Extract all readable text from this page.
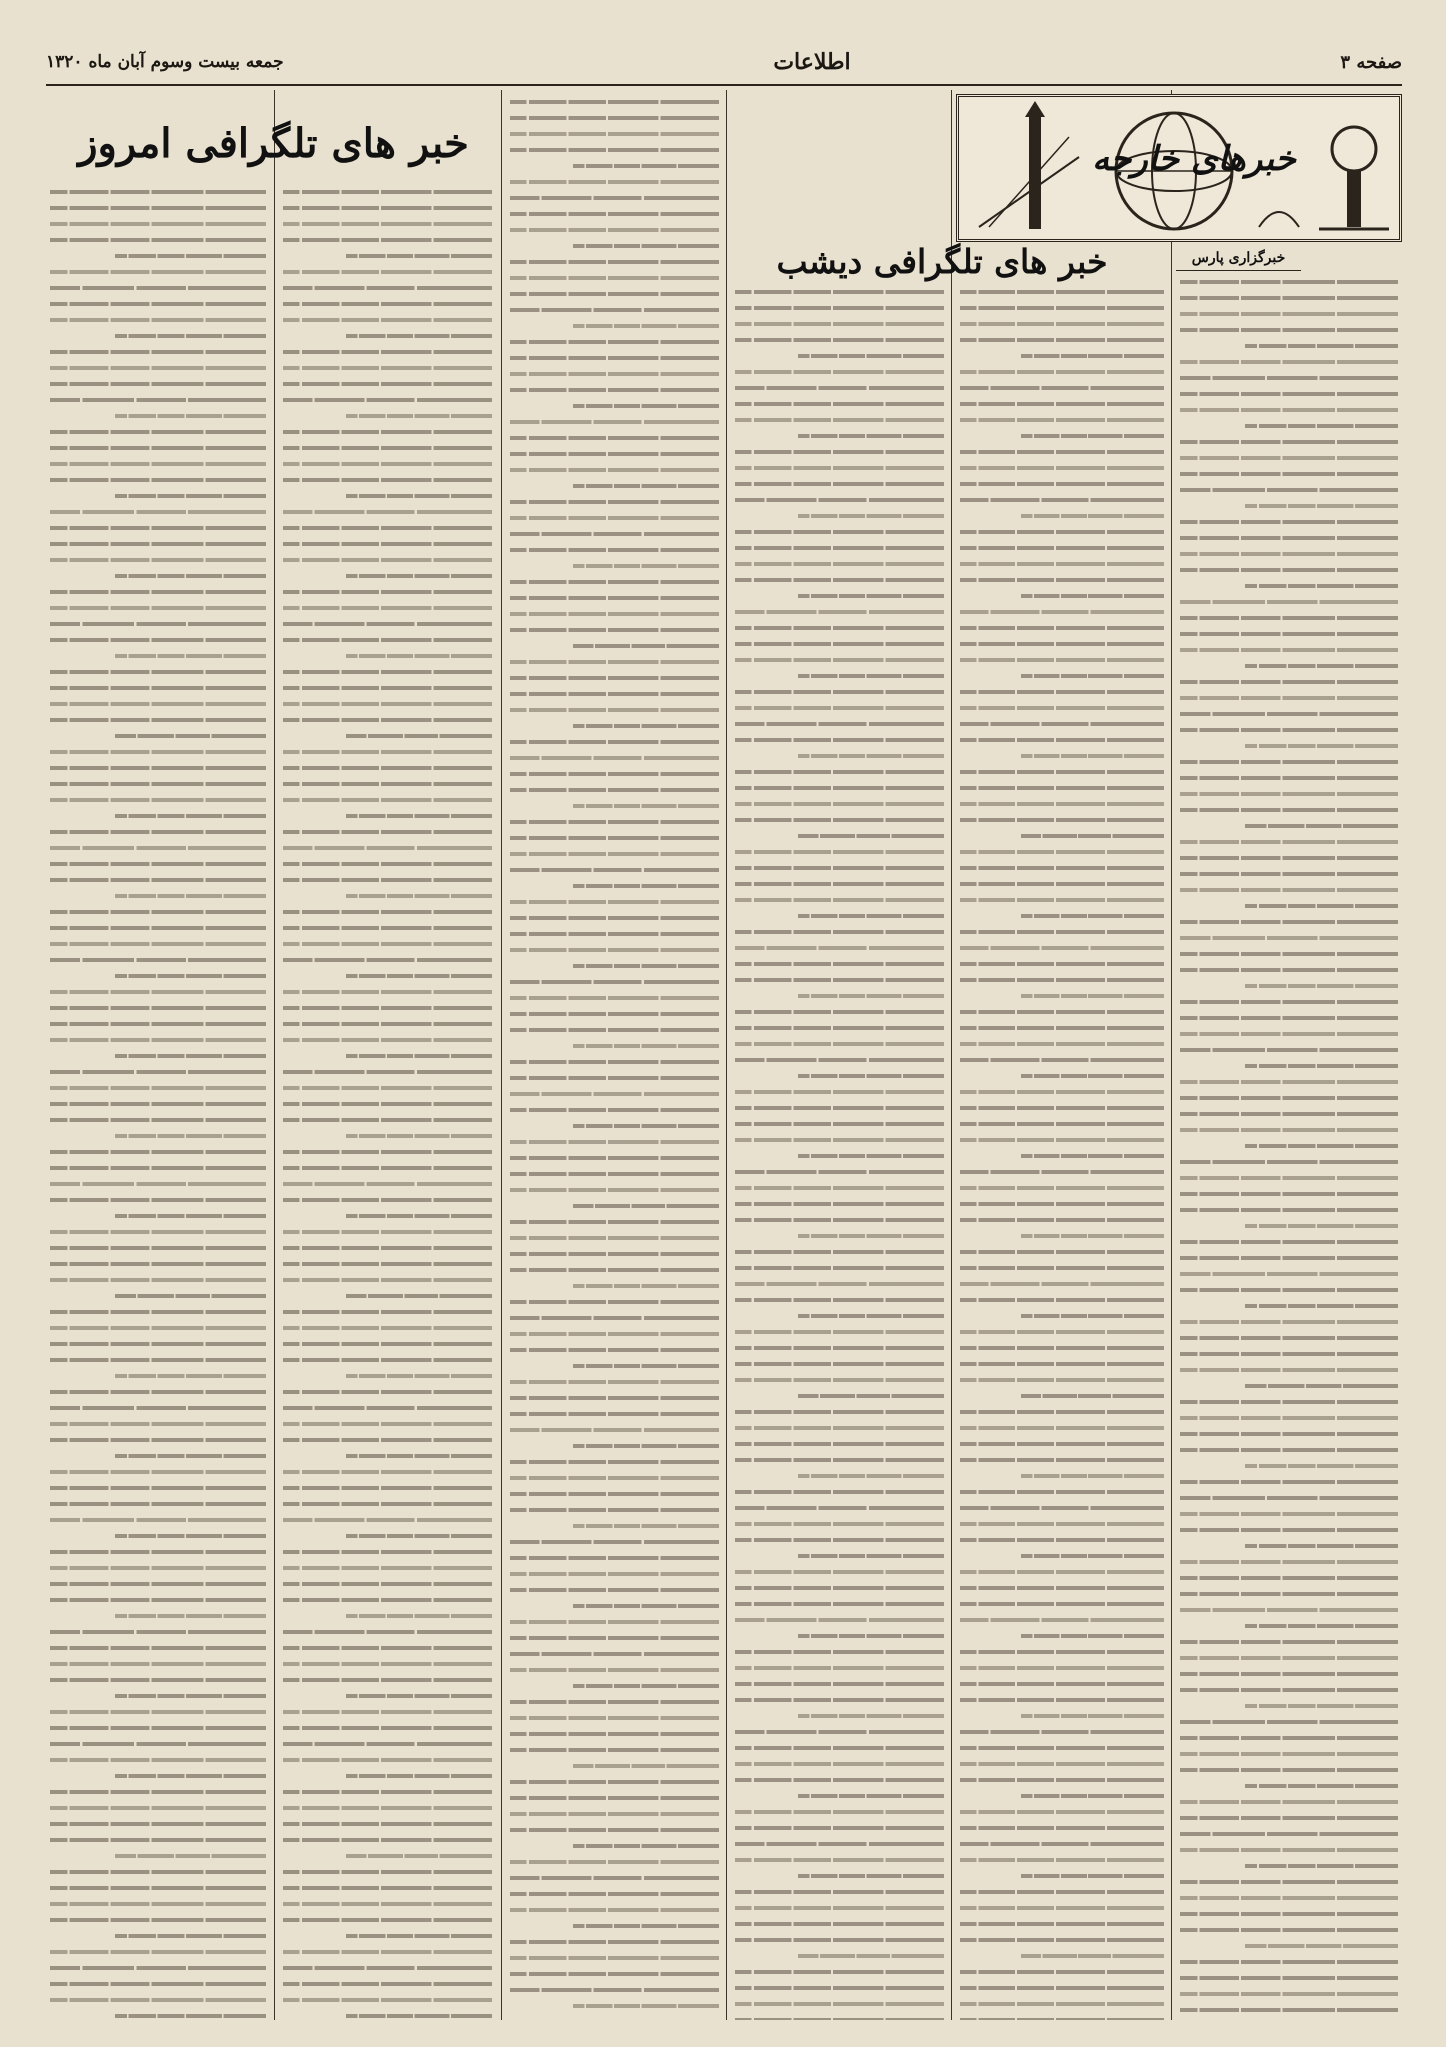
صفحه ۳
اطلاعات
جمعه بیست وسوم آبان ماه ۱۳۲۰
خبرگزاری پارس
خبرهای خارجه
خبر های تلگرافی دیشب
خبر های تلگرافی امروز
